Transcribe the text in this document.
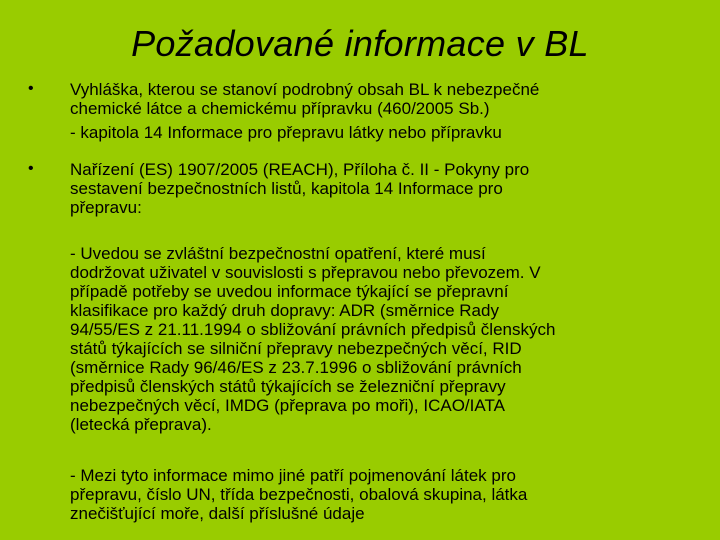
Požadované informace v BL
• Vyhláška, kterou se stanoví podrobný obsah BL k nebezpečné
chemické látce a chemickému přípravku (460/2005 Sb.)
- kapitola 14 Informace pro přepravu látky nebo přípravku
• Nařízení (ES) 1907/2005 (REACH), Příloha č. II - Pokyny pro
sestavení bezpečnostních listů, kapitola 14 Informace pro
přepravu:
- Uvedou se zvláštní bezpečnostní opatření, které musí
dodržovat uživatel v souvislosti s přepravou nebo převozem. V
případě potřeby se uvedou informace týkající se přepravní
klasifikace pro každý druh dopravy: ADR (směrnice Rady
94/55/ES z 21.11.1994 o sbližování právních předpisů členských
států týkajících se silniční přepravy nebezpečných věcí, RID
(směrnice Rady 96/46/ES z 23.7.1996 o sbližování právních
předpisů členských států týkajících se železniční přepravy
nebezpečných věcí, IMDG (přeprava po moři), ICAO/IATA
(letecká přeprava).
- Mezi tyto informace mimo jiné patří pojmenování látek pro
přepravu, číslo UN, třída bezpečnosti, obalová skupina, látka
znečišťující moře, další příslušné údaje
